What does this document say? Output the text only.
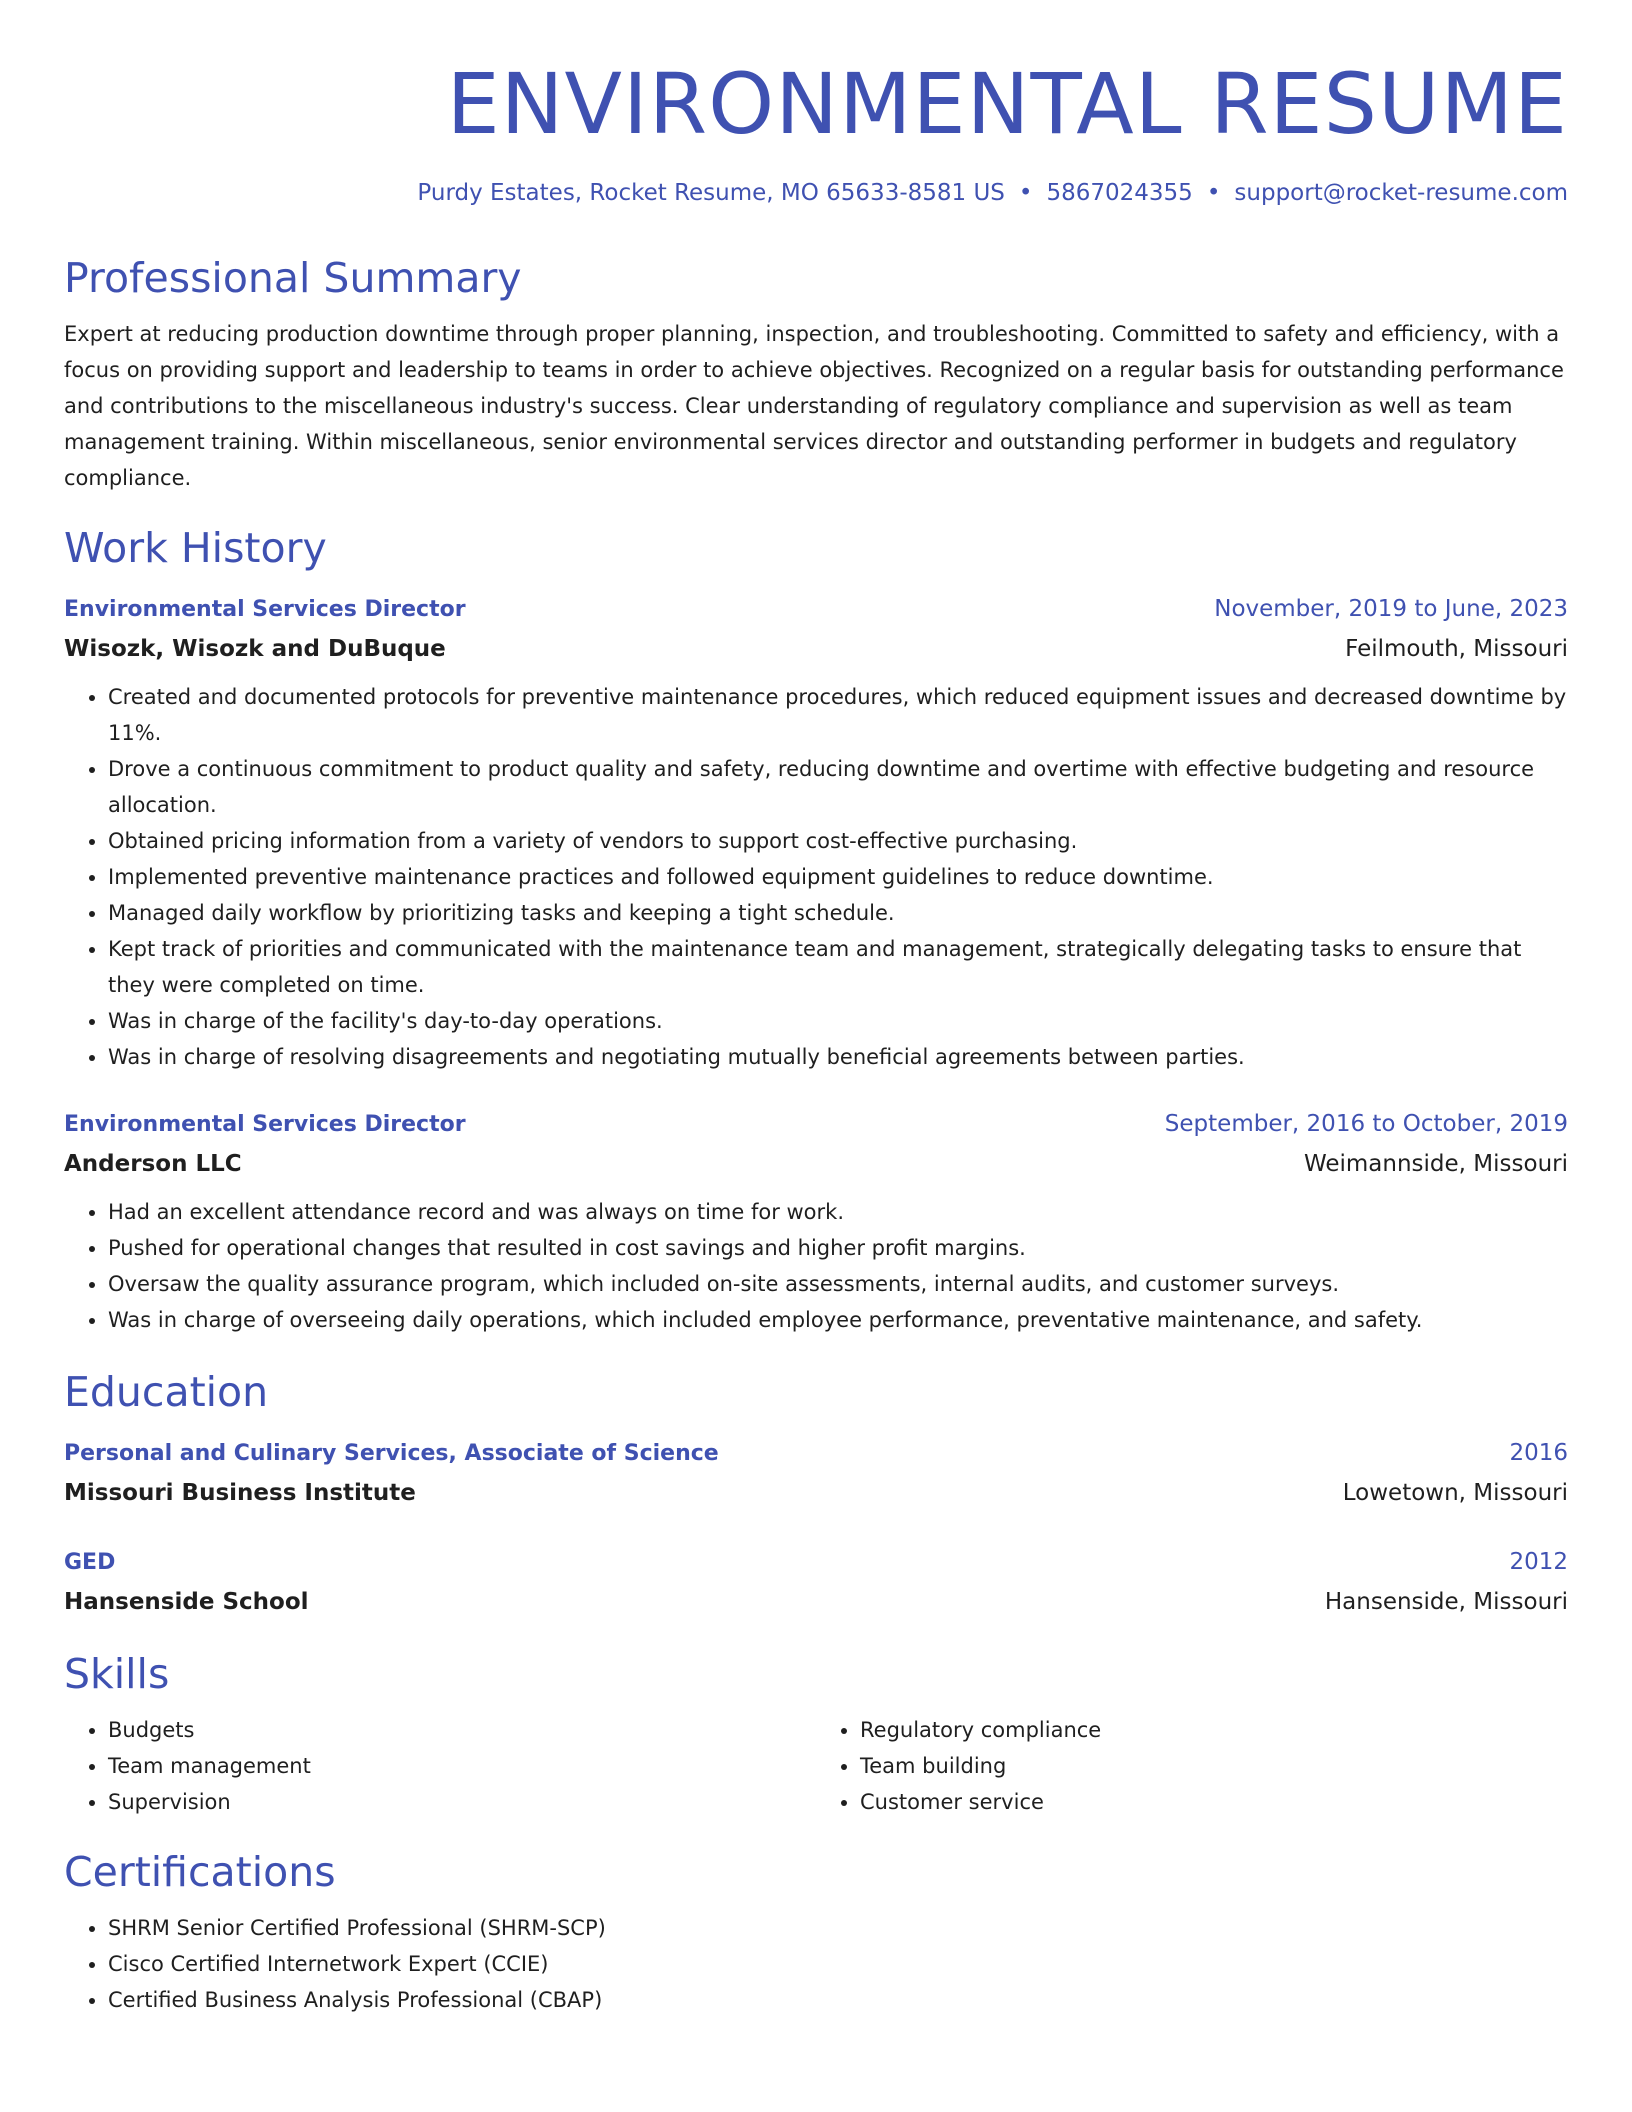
ENVIRONMENTAL RESUME
Purdy Estates, Rocket Resume, MO 65633-8581 US • 5867024355 • support@rocket-resume.com
Professional Summary
Expert at reducing production downtime through proper planning, inspection, and troubleshooting. Committed to safety and efficiency, with a focus on providing support and leadership to teams in order to achieve objectives. Recognized on a regular basis for outstanding performance and contributions to the miscellaneous industry's success. Clear understanding of regulatory compliance and supervision as well as team management training. Within miscellaneous, senior environmental services director and outstanding performer in budgets and regulatory compliance.
Work History
Environmental Services Director	November, 2019 to June, 2023
Wisozk, Wisozk and DuBuque	Feilmouth, Missouri
• Created and documented protocols for preventive maintenance procedures, which reduced equipment issues and decreased downtime by 11%.
• Drove a continuous commitment to product quality and safety, reducing downtime and overtime with effective budgeting and resource allocation.
• Obtained pricing information from a variety of vendors to support cost-effective purchasing.
• Implemented preventive maintenance practices and followed equipment guidelines to reduce downtime.
• Managed daily workflow by prioritizing tasks and keeping a tight schedule.
• Kept track of priorities and communicated with the maintenance team and management, strategically delegating tasks to ensure that they were completed on time.
• Was in charge of the facility's day-to-day operations.
• Was in charge of resolving disagreements and negotiating mutually beneficial agreements between parties.
Environmental Services Director	September, 2016 to October, 2019
Anderson LLC	Weimannside, Missouri
• Had an excellent attendance record and was always on time for work.
• Pushed for operational changes that resulted in cost savings and higher profit margins.
• Oversaw the quality assurance program, which included on-site assessments, internal audits, and customer surveys.
• Was in charge of overseeing daily operations, which included employee performance, preventative maintenance, and safety.
Education
Personal and Culinary Services, Associate of Science	2016
Missouri Business Institute	Lowetown, Missouri
GED	2012
Hansenside School	Hansenside, Missouri
Skills
• Budgets
• Team management
• Supervision
• Regulatory compliance
• Team building
• Customer service
Certifications
• SHRM Senior Certified Professional (SHRM-SCP)
• Cisco Certified Internetwork Expert (CCIE)
• Certified Business Analysis Professional (CBAP)
